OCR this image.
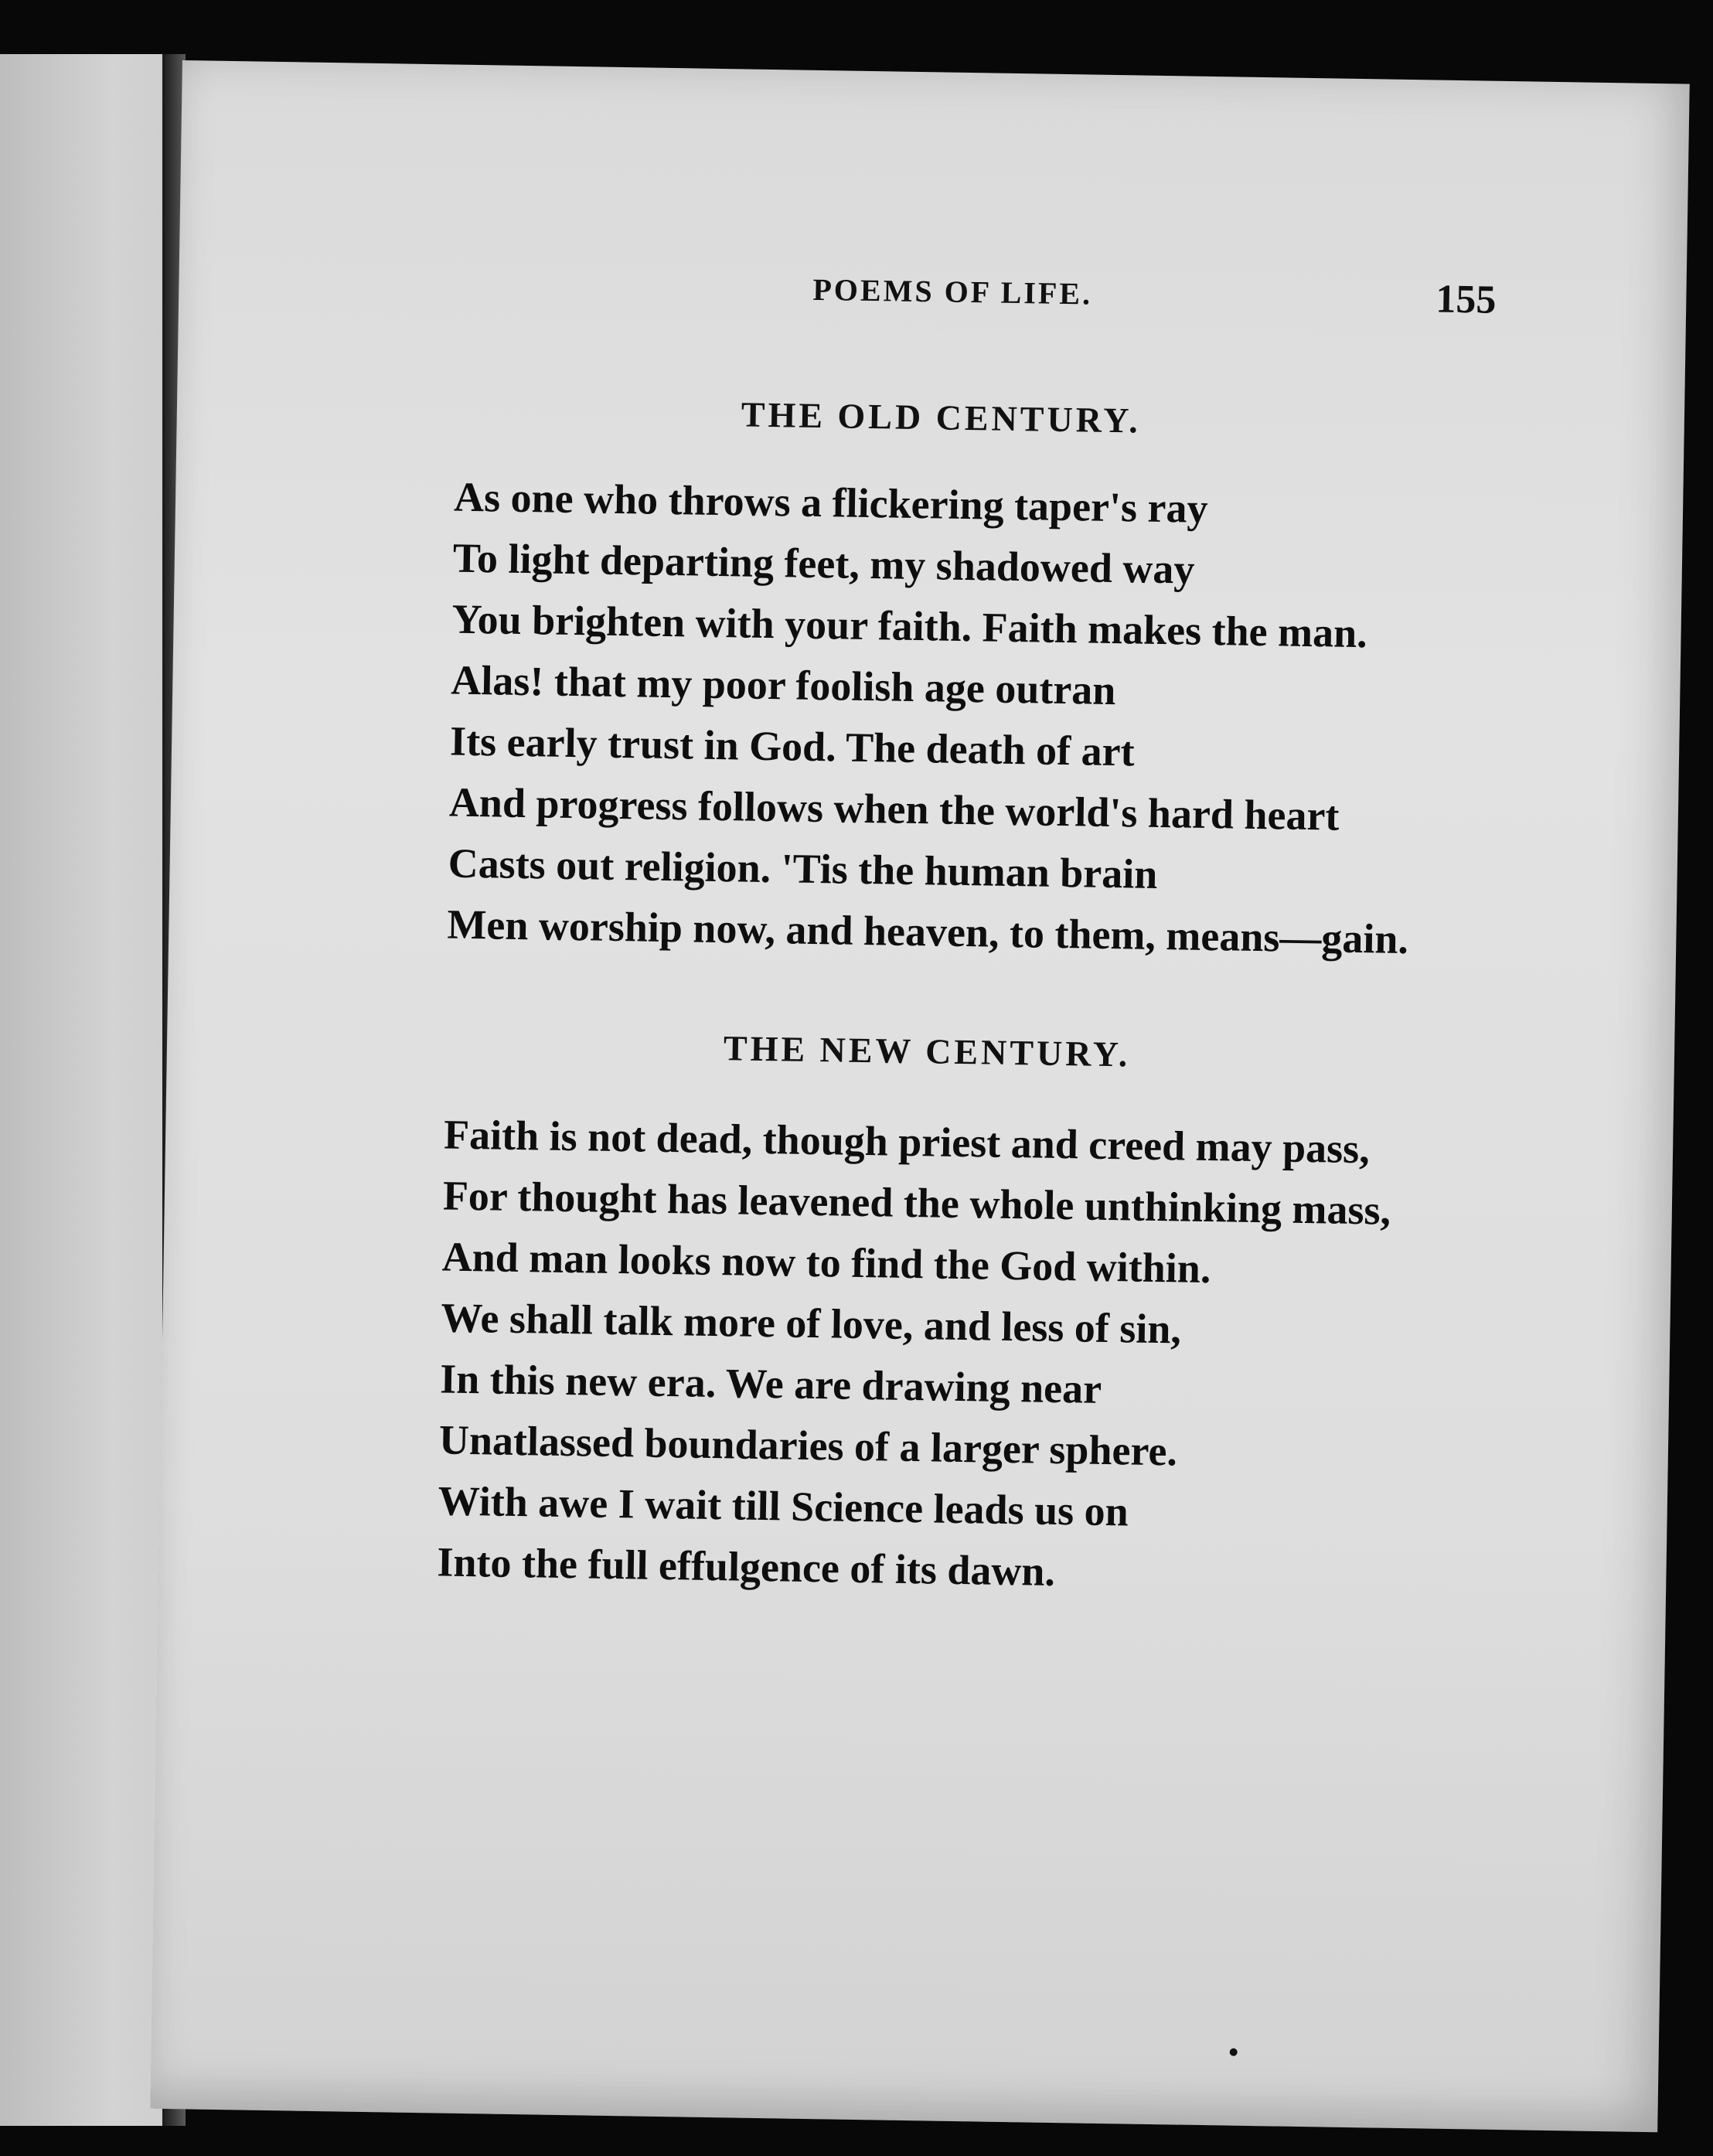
POEMS OF LIFE.	155
THE OLD CENTURY.
As one who throws a flickering taper's ray
To light departing feet, my shadowed way
You brighten with your faith. Faith makes the man.
Alas! that my poor foolish age outran
Its early trust in God. The death of art
And progress follows when the world's hard heart
Casts out religion. 'Tis the human brain
Men worship now, and heaven, to them, means—gain.
THE NEW CENTURY.
Faith is not dead, though priest and creed may pass,
For thought has leavened the whole unthinking mass,
And man looks now to find the God within.
We shall talk more of love, and less of sin,
In this new era. We are drawing near
Unatlassed boundaries of a larger sphere.
With awe I wait till Science leads us on
Into the full effulgence of its dawn.
